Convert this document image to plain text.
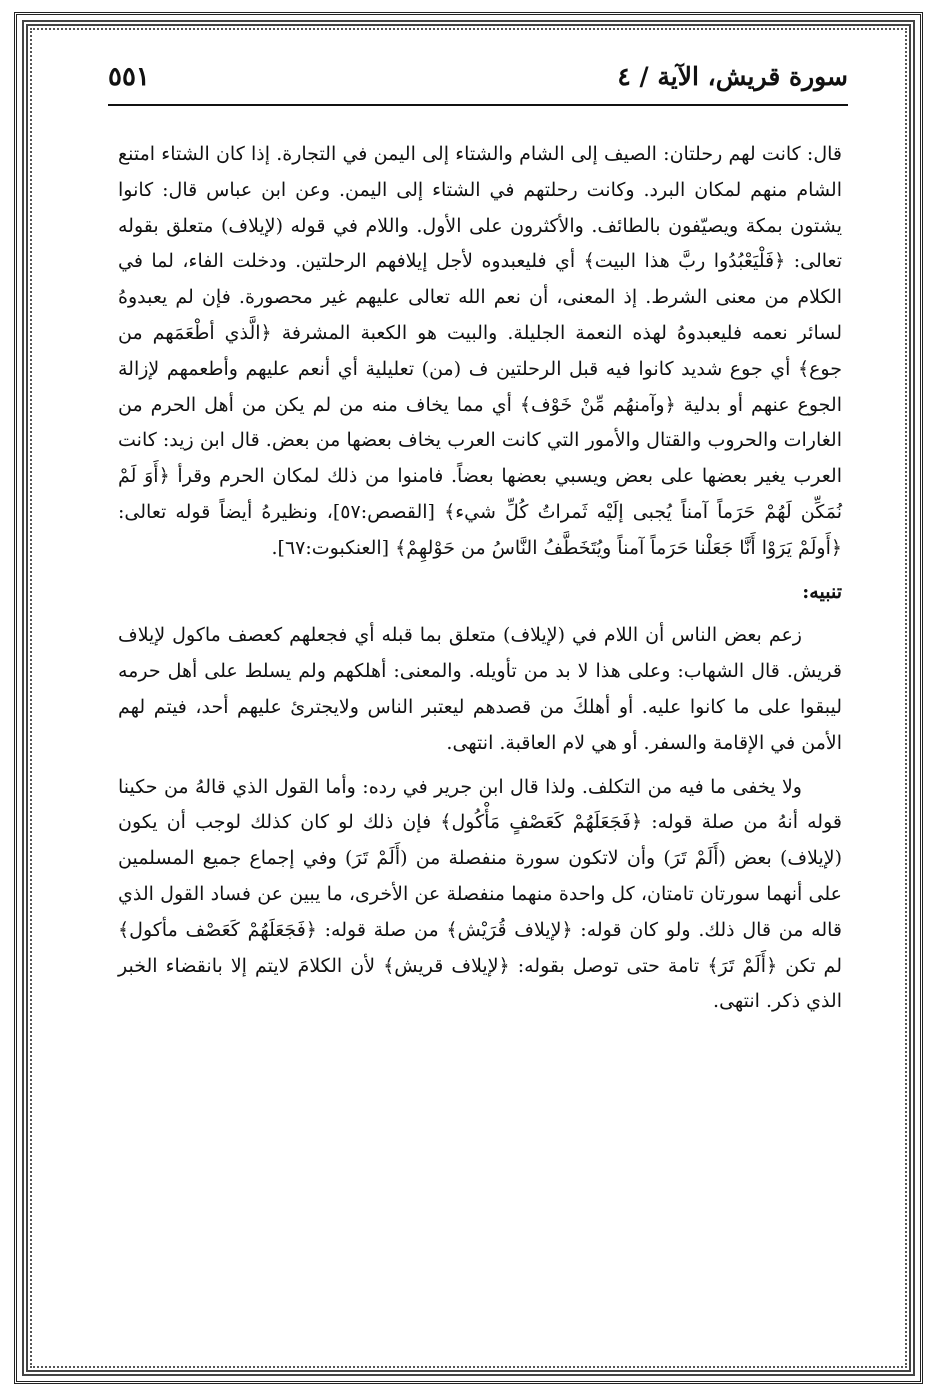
سورة قريش، الآية / ٤
٥٥١

قال: كانت لهم رحلتان: الصيف إلى الشام والشتاء إلى اليمن في التجارة. إذا كان الشتاء امتنع الشام منهم لمكان البرد. وكانت رحلتهم في الشتاء إلى اليمن. وعن ابن عباس قال: كانوا يشتون بمكة ويصيّفون بالطائف. والأكثرون على الأول. واللام في قوله (لإيلاف) متعلق بقوله تعالى: ﴿فَلْيَعْبُدُوا ربَّ هذا البيت﴾ أي فليعبدوه لأجل إيلافهم الرحلتين. ودخلت الفاء، لما في الكلام من معنى الشرط. إذ المعنى، أن نعم الله تعالى عليهم غير محصورة. فإن لم يعبدوهُ لسائر نعمه فليعبدوهُ لهذه النعمة الجليلة. والبيت هو الكعبة المشرفة ﴿الَّذي أطْعَمَهم من جوع﴾ أي جوع شديد كانوا فيه قبل الرحلتين ف (من) تعليلية أي أنعم عليهم وأطعمهم لإزالة الجوع عنهم أو بدلية ﴿وآمنهُم مِّنْ خَوْف﴾ أي مما يخاف منه من لم يكن من أهل الحرم من الغارات والحروب والقتال والأمور التي كانت العرب يخاف بعضها من بعض. قال ابن زيد: كانت العرب يغير بعضها على بعض ويسبي بعضها بعضاً. فامنوا من ذلك لمكان الحرم وقرأ ﴿أَوَ لَمْ نُمَكِّن لَهُمْ حَرَماً آمناً يُجبى إلَيْه ثَمراتُ كُلِّ شيء﴾ [القصص:٥٧]، ونظيرهُ أيضاً قوله تعالى: ﴿أَولَمْ يَرَوْا أَنَّا جَعَلْنا حَرَماً آمناً ويُتَخَطَّفُ النَّاسُ من حَوْلهِمْ﴾ [العنكبوت:٦٧].

تنبيه:

زعم بعض الناس أن اللام في (لإيلاف) متعلق بما قبله أي فجعلهم كعصف ماكول لإيلاف قريش. قال الشهاب: وعلى هذا لا بد من تأويله. والمعنى: أهلكهم ولم يسلط على أهل حرمه ليبقوا على ما كانوا عليه. أو أهلكَ من قصدهم ليعتبر الناس ولايجترئ عليهم أحد، فيتم لهم الأمن في الإقامة والسفر. أو هي لام العاقبة. انتهى.

ولا يخفى ما فيه من التكلف. ولذا قال ابن جرير في رده: وأما القول الذي قالهُ من حكينا قوله أنهُ من صلة قوله: ﴿فَجَعَلَهُمْ كَعَصْفٍ مَأْكُول﴾ فإن ذلك لو كان كذلك لوجب أن يكون (لإيلاف) بعض (أَلَمْ تَرَ) وأن لاتكون سورة منفصلة من (أَلَمْ تَرَ) وفي إجماع جميع المسلمين على أنهما سورتان تامتان، كل واحدة منهما منفصلة عن الأخرى، ما يبين عن فساد القول الذي قاله من قال ذلك. ولو كان قوله: ﴿لإيلاف قُرَيْش﴾ من صلة قوله: ﴿فَجَعَلَهُمْ كَعَصْف مأكول﴾ لم تكن ﴿أَلَمْ تَرَ﴾ تامة حتى توصل بقوله: ﴿لإيلاف قريش﴾ لأن الكلامَ لايتم إلا بانقضاء الخبر الذي ذكر. انتهى.
